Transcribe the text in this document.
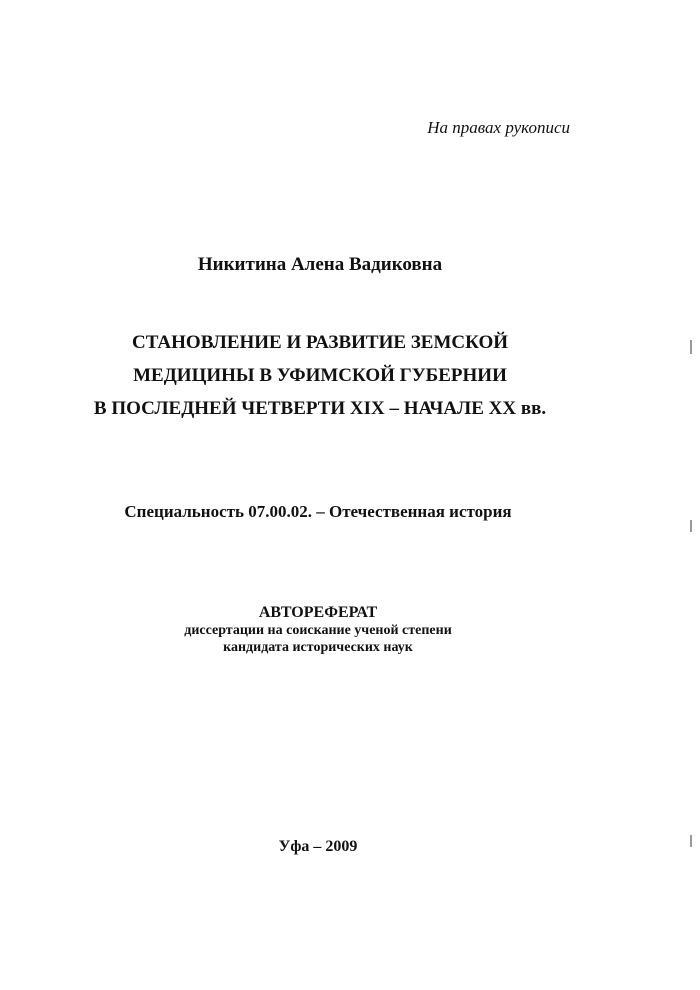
На правах рукописи
Никитина Алена Вадиковна
СТАНОВЛЕНИЕ И РАЗВИТИЕ ЗЕМСКОЙ
МЕДИЦИНЫ В УФИМСКОЙ ГУБЕРНИИ
В ПОСЛЕДНЕЙ ЧЕТВЕРТИ XIX – НАЧАЛЕ XX вв.
Специальность 07.00.02. – Отечественная история
АВТОРЕФЕРАТ
диссертации на соискание ученой степени
кандидата исторических наук
Уфа – 2009
